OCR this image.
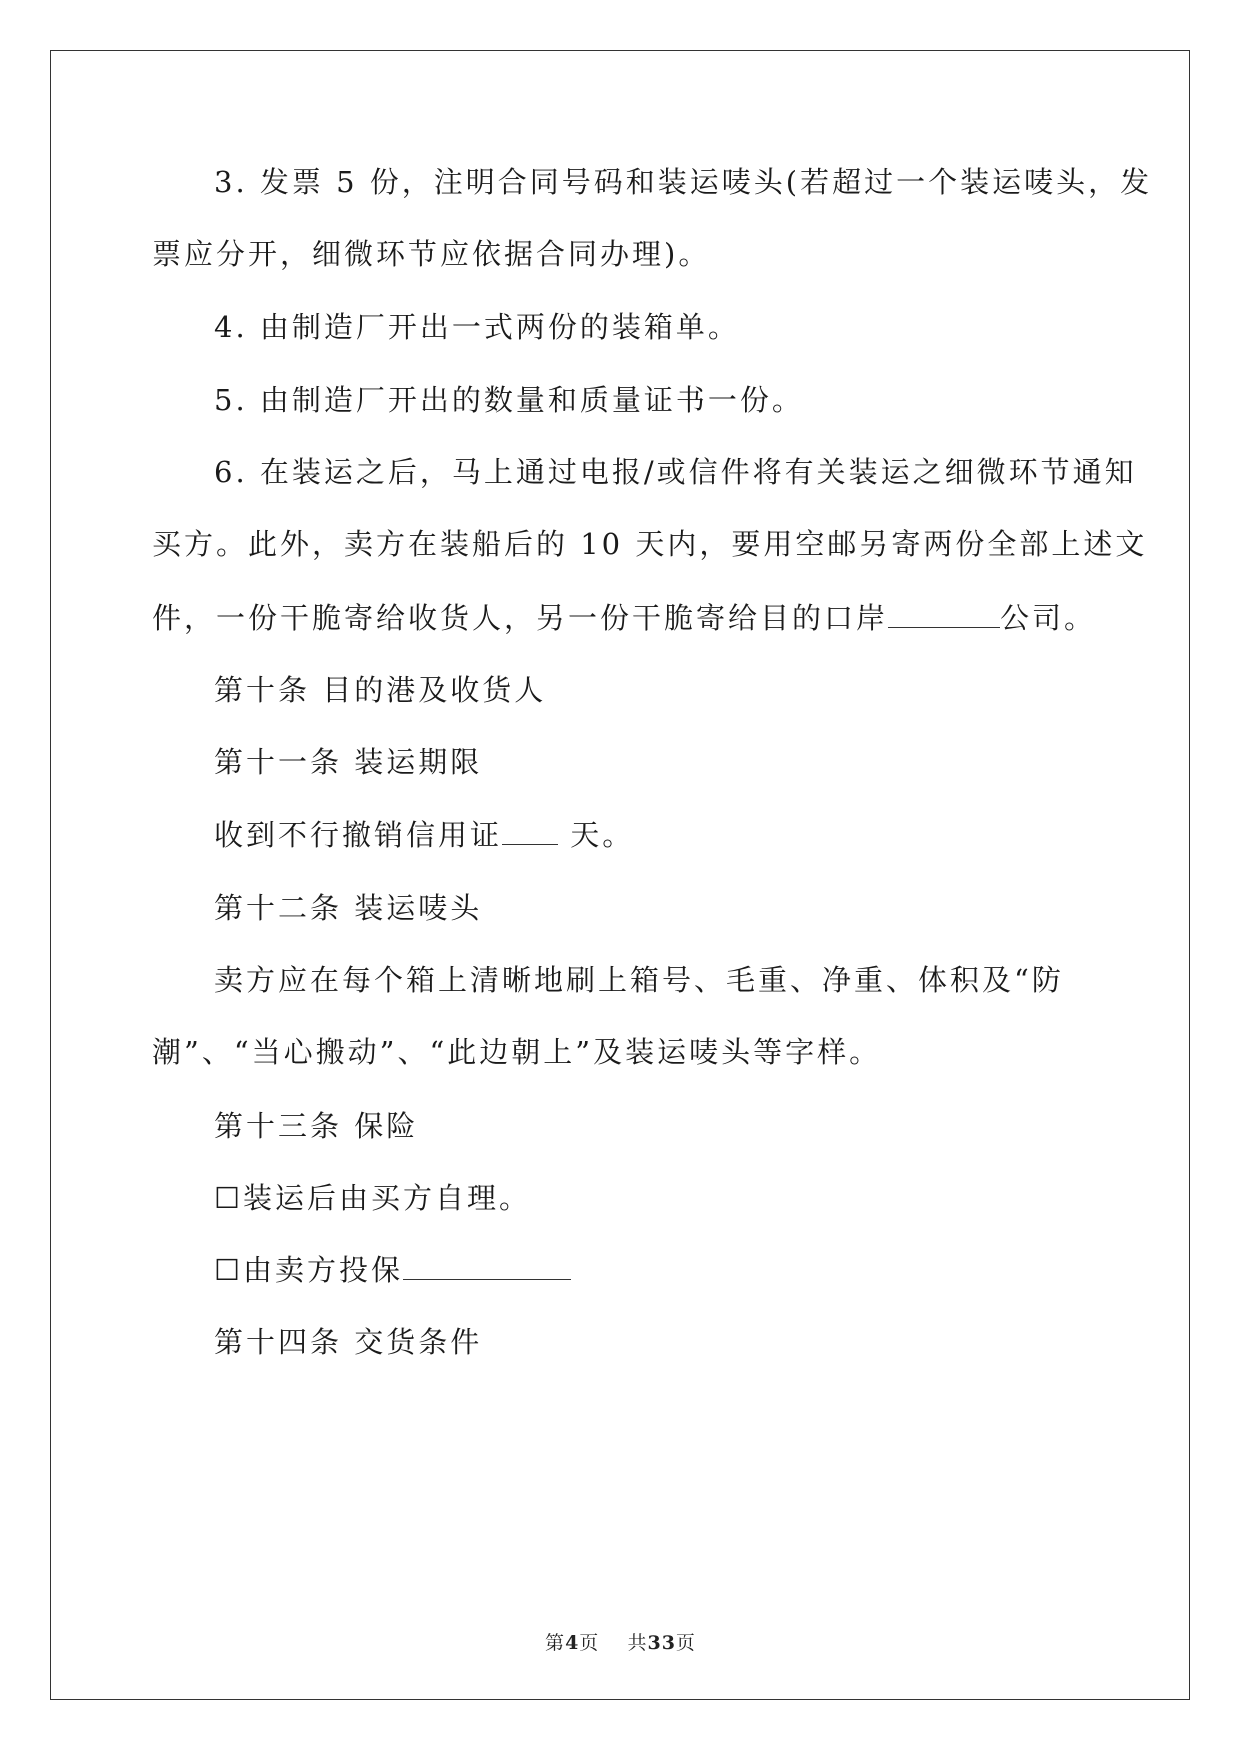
3. 发票 5 份，注明合同号码和装运唛头(若超过一个装运唛头，发
票应分开，细微环节应依据合同办理)。
4. 由制造厂开出一式两份的装箱单。
5. 由制造厂开出的数量和质量证书一份。
6. 在装运之后，马上通过电报/或信件将有关装运之细微环节通知
买方。此外，卖方在装船后的 10 天内，要用空邮另寄两份全部上述文
件，一份干脆寄给收货人，另一份干脆寄给目的口岸	公司。
第十条 目的港及收货人
第十一条 装运期限
收到不行撤销信用证 天。
第十二条 装运唛头
卖方应在每个箱上清晰地刷上箱号、毛重、净重、体积及“防
潮”、“当心搬动”、“此边朝上”及装运唛头等字样。
第十三条 保险
☐装运后由买方自理。
☐由卖方投保
第十四条 交货条件
第4页    共33页
